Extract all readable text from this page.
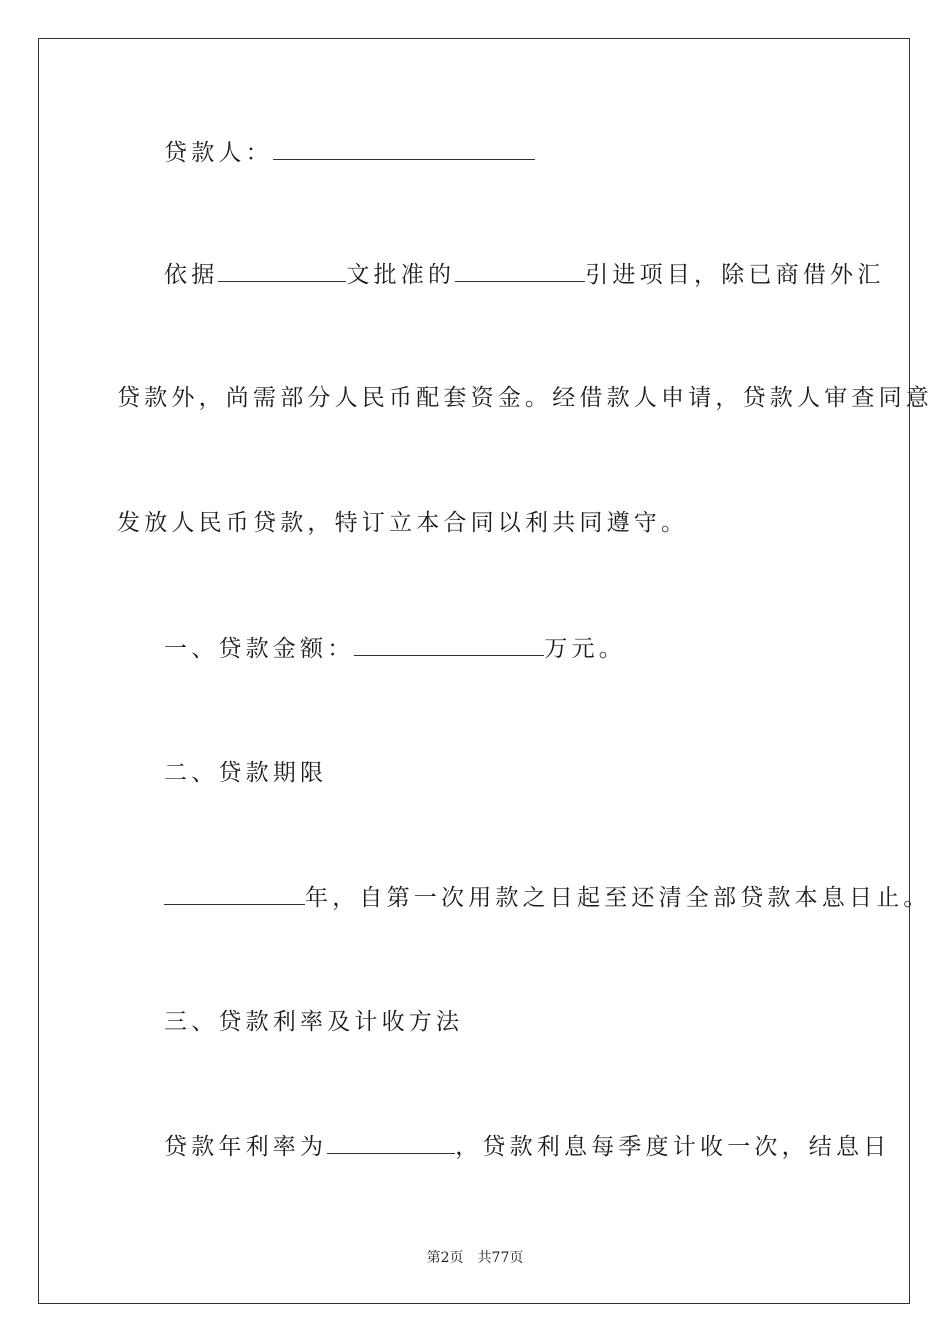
贷款人：
依据	文批准的	引进项目，除已商借外汇
贷款外，尚需部分人民币配套资金。经借款人申请，贷款人审查同意
发放人民币贷款，特订立本合同以利共同遵守。
一、贷款金额：	万元。
二、贷款期限
年，自第一次用款之日起至还清全部贷款本息日止。
三、贷款利率及计收方法
贷款年利率为	，贷款利息每季度计收一次，结息日
第2页 共77页
